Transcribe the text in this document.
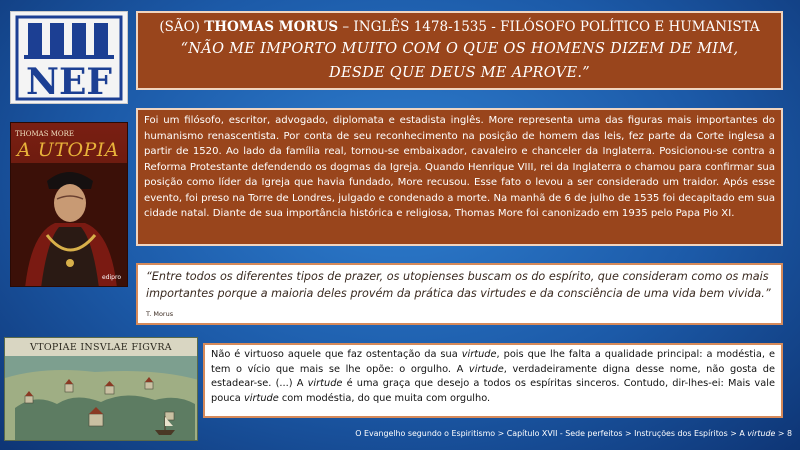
NEF
(SÃO) THOMAS MORUS – INGLÊS 1478-1535 - FILÓSOFO POLÍTICO E HUMANISTA
“NÃO ME IMPORTO MUITO COM O QUE OS HOMENS DIZEM DE MIM,
DESDE QUE DEUS ME APROVE.”
THOMAS MORE
A UTOPIA
edipro

Foi um filósofo, escritor, advogado, diplomata e estadista inglês. More representa uma das figuras mais importantes do humanismo renascentista. Por conta de seu reconhecimento na posição de homem das leis, fez parte da Corte inglesa a partir de 1520. Ao lado da família real, tornou-se embaixador, cavaleiro e chanceler da Inglaterra. Posicionou-se contra a Reforma Protestante defendendo os dogmas da Igreja. Quando Henrique VIII, rei da Inglaterra o chamou para confirmar sua posição como líder da Igreja que havia fundado, More recusou. Esse fato o levou a ser considerado um traidor. Após esse evento, foi preso na Torre de Londres, julgado e condenado a morte. Na manhã de 6 de julho de 1535 foi decapitado em sua cidade natal. Diante de sua importância histórica e religiosa, Thomas More foi canonizado em 1935 pelo Papa Pio XI.

“Entre todos os diferentes tipos de prazer, os utopienses buscam os do espírito, que consideram como os mais importantes porque a maioria deles provém da prática das virtudes e da consciência de uma vida bem vivida.” T. Morus
VTOPIAE INSVLAE FIGVRA

Não é virtuoso aquele que faz ostentação da sua virtude, pois que lhe falta a qualidade principal: a modéstia, e tem o vício que mais se lhe opõe: o orgulho. A virtude, verdadeiramente digna desse nome, não gosta de estadear-se. (...) A virtude é uma graça que desejo a todos os espíritas sinceros. Contudo, dir-lhes-ei: Mais vale pouca virtude com modéstia, do que muita com orgulho.

O Evangelho segundo o Espiritismo > Capítulo XVII - Sede perfeitos > Instruções dos Espíritos > A virtude > 8
